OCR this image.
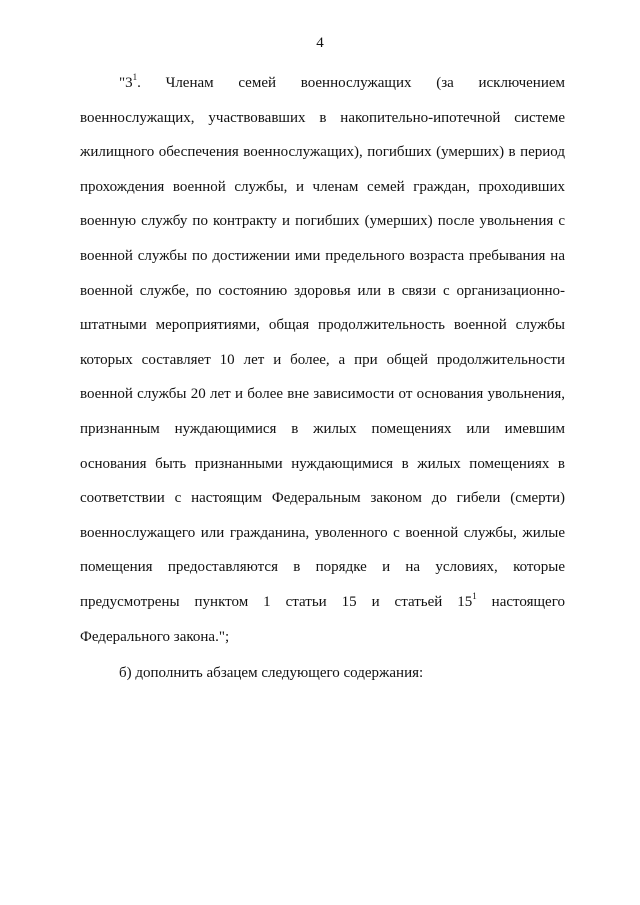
4

"$3^1$. Членам семей военнослужащих (за исключением военнослужащих, участвовавших в накопительно-ипотечной системе жилищного обеспечения военнослужащих), погибших (умерших) в период прохождения военной службы, и членам семей граждан, проходивших военную службу по контракту и погибших (умерших) после увольнения с военной службы по достижении ими предельного возраста пребывания на военной службе, по состоянию здоровья или в связи с организационно-штатными мероприятиями, общая продолжительность военной службы которых составляет 10 лет и более, а при общей продолжительности военной службы 20 лет и более вне зависимости от основания увольнения, признанным нуждающимися в жилых помещениях или имевшим основания быть признанными нуждающимися в жилых помещениях в соответствии с настоящим Федеральным законом до гибели (смерти) военнослужащего или гражданина, уволенного с военной службы, жилые помещения предоставляются в порядке и на условиях, которые предусмотрены пунктом 1 статьи 15 и статьей $15^1$ настоящего Федерального закона.";

б) дополнить абзацем следующего содержания:
